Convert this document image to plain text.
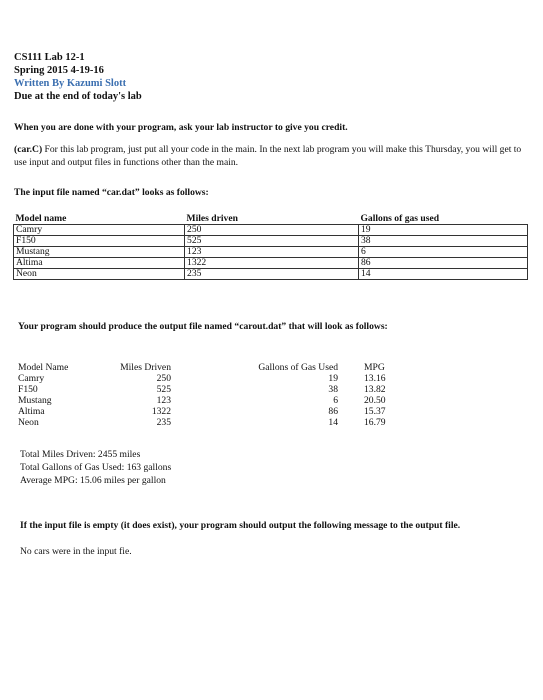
CS111 Lab 12-1
Spring 2015 4-19-16
Written By Kazumi Slott
Due at the end of today's lab
When you are done with your program, ask your lab instructor to give you credit.
(car.C) For this lab program, just put all your code in the main. In the next lab program you will make this Thursday, you will get to use input and output files in functions other than the main.
The input file named “car.dat” looks as follows:
Model name	Miles driven	Gallons of gas used
Camry	250	19
F150	525	38
Mustang	123	6
Altima	1322	86
Neon	235	14
Your program should produce the output file named “carout.dat” that will look as follows:
Model Name	Miles Driven	Gallons of Gas Used		MPG
Camry	250	19		13.16
F150	525	38		13.82
Mustang	123	6		20.50
Altima	1322	86		15.37
Neon	235	14		16.79
Total Miles Driven: 2455 miles
Total Gallons of Gas Used: 163 gallons
Average MPG: 15.06 miles per gallon
If the input file is empty (it does exist), your program should output the following message to the output file.
No cars were in the input fie.
